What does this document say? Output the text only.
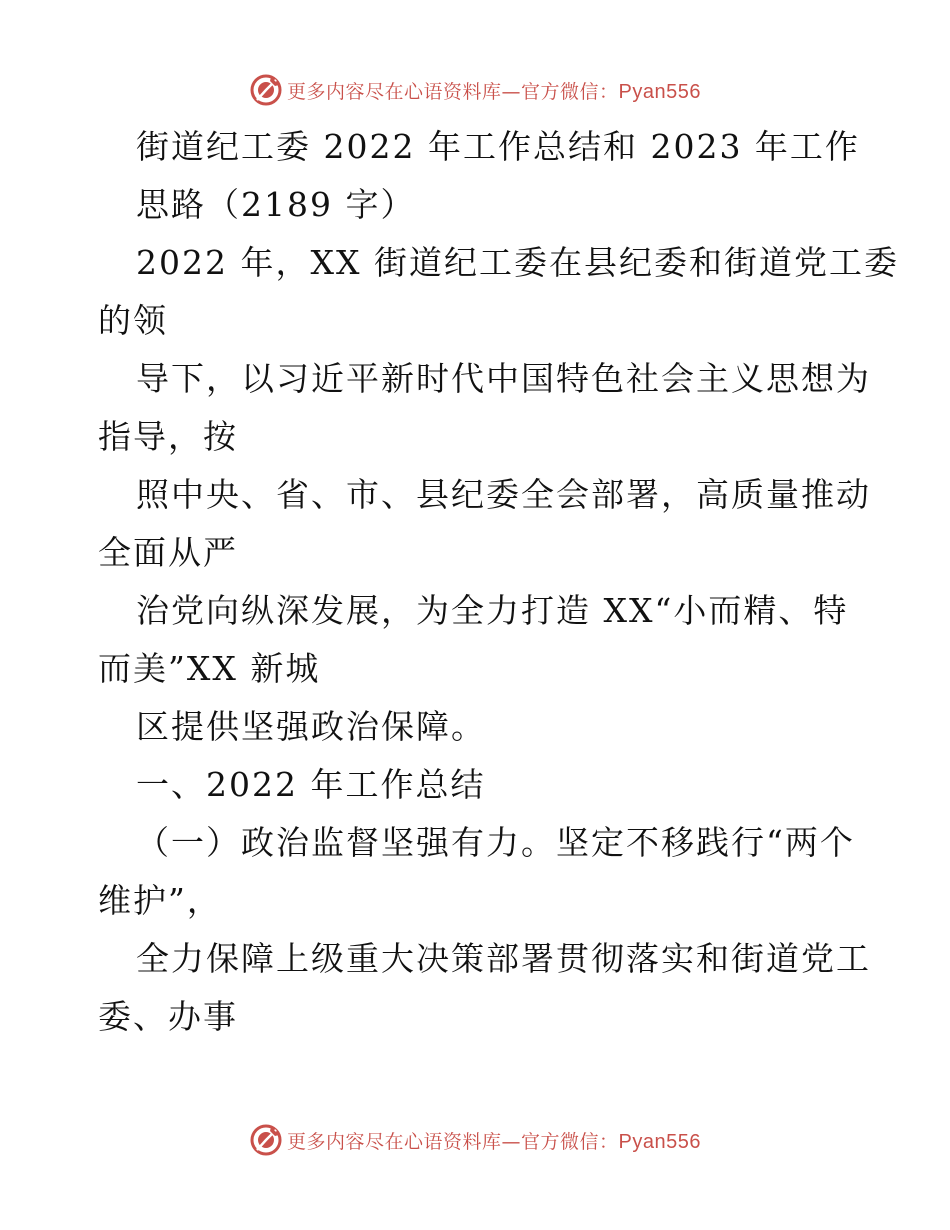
更多内容尽在心语资料库—官方微信：Pyan556
街道纪工委 2022 年工作总结和 2023 年工作
思路（2189 字）
2022 年，XX 街道纪工委在县纪委和街道党工委
的领
导下，以习近平新时代中国特色社会主义思想为
指导，按
照中央、省、市、县纪委全会部署，高质量推动
全面从严
治党向纵深发展，为全力打造 XX“小而精、特
而美”XX 新城
区提供坚强政治保障。
一、2022 年工作总结
（一）政治监督坚强有力。坚定不移践行“两个
维护”，
全力保障上级重大决策部署贯彻落实和街道党工
委、办事
更多内容尽在心语资料库—官方微信：Pyan556
